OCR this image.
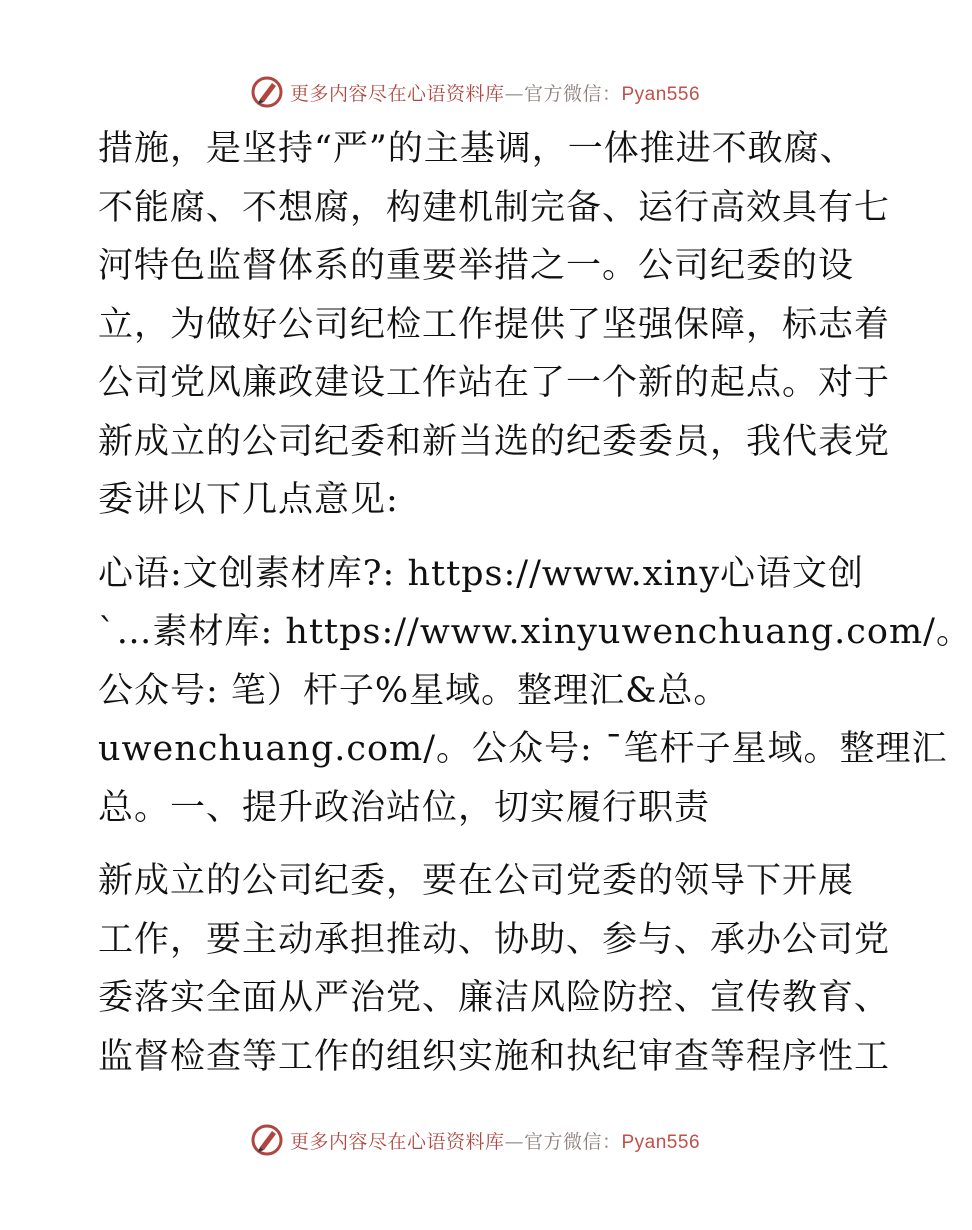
更多内容尽在心语资料库—官方微信：Pyan556
措施，是坚持“严”的主基调，一体推进不敢腐、
不能腐、不想腐，构建机制完备、运行高效具有七
河特色监督体系的重要举措之一。公司纪委的设
立，为做好公司纪检工作提供了坚强保障，标志着
公司党风廉政建设工作站在了一个新的起点。对于
新成立的公司纪委和新当选的纪委委员，我代表党
委讲以下几点意见:
心语:文创素材库?: https://www.xiny心语文创
`…素材库: https://www.xinyuwenchuang.com/。
公众号: 笔）杆子%星域。整理汇&总。
uwenchuang.com/。公众号: ¯笔杆子星域。整理汇
总。一、提升政治站位，切实履行职责
新成立的公司纪委，要在公司党委的领导下开展
工作，要主动承担推动、协助、参与、承办公司党
委落实全面从严治党、廉洁风险防控、宣传教育、
监督检查等工作的组织实施和执纪审查等程序性工
更多内容尽在心语资料库—官方微信：Pyan556
